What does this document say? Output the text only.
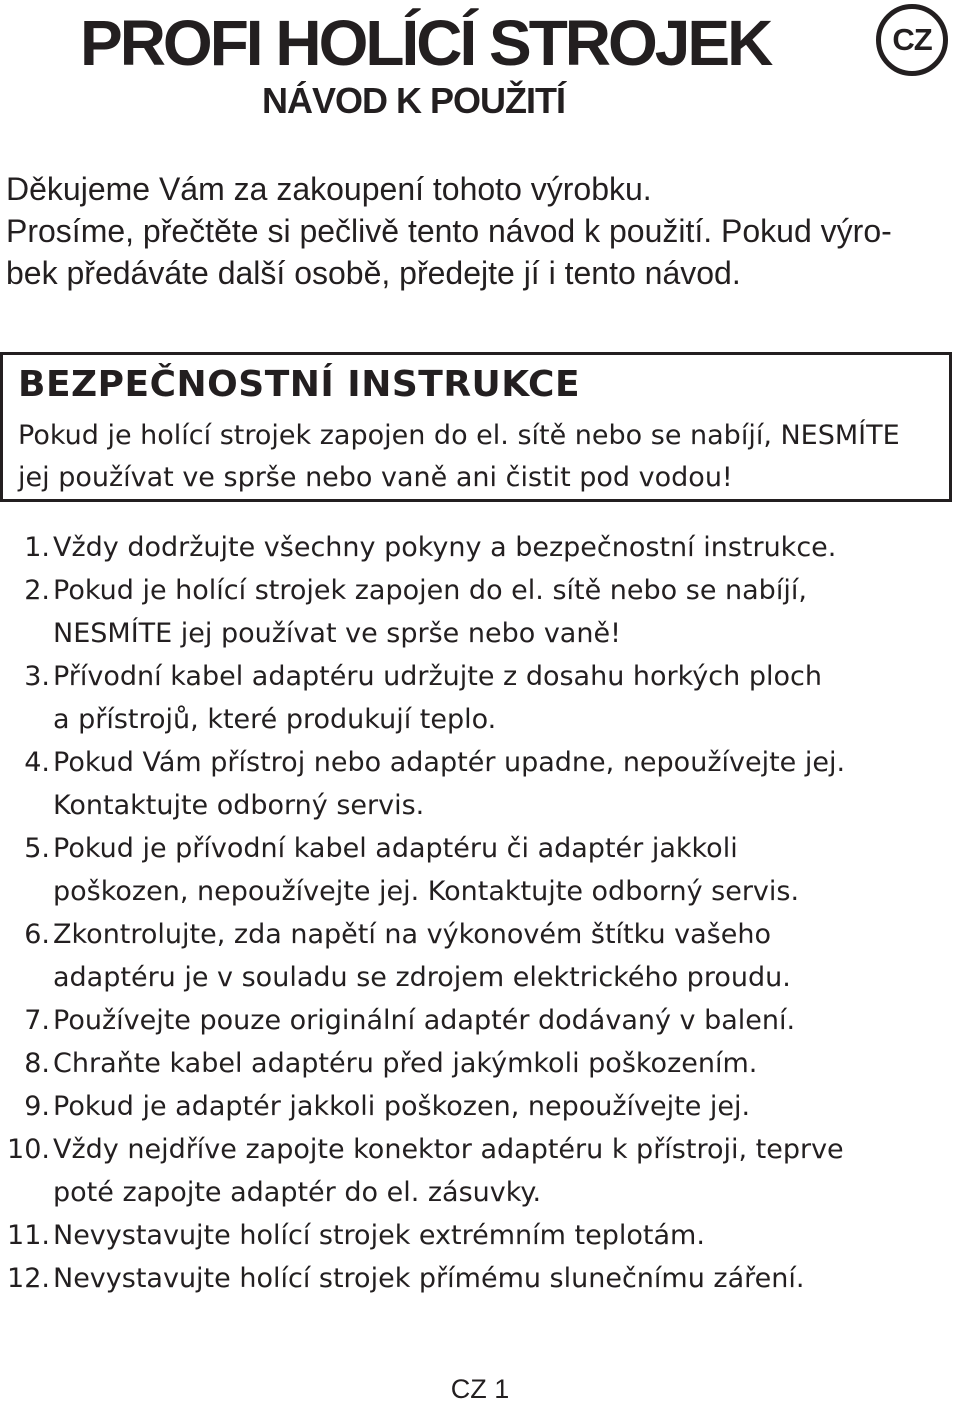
PROFI HOLÍCÍ STROJEK
NÁVOD K POUŽITÍ
CZ

Děkujeme Vám za zakoupení tohoto výrobku.

Prosíme, přečtěte si pečlivě tento návod k použití. Pokud výro-

bek předáváte další osobě, předejte jí i tento návod.

BEZPEČNOSTNÍ INSTRUKCE

Pokud je holící strojek zapojen do el. sítě nebo se nabíjí, NESMÍTE

jej používat ve sprše nebo vaně ani čistit pod vodou!

1. Vždy dodržujte všechny pokyny a bezpečnostní instrukce.
2. Pokud je holící strojek zapojen do el. sítě nebo se nabíjí,
NESMÍTE jej používat ve sprše nebo vaně!
3. Přívodní kabel adaptéru udržujte z dosahu horkých ploch
a přístrojů, které produkují teplo.
4. Pokud Vám přístroj nebo adaptér upadne, nepoužívejte jej.
Kontaktujte odborný servis.
5. Pokud je přívodní kabel adaptéru či adaptér jakkoli
poškozen, nepoužívejte jej. Kontaktujte odborný servis.
6. Zkontrolujte, zda napětí na výkonovém štítku vašeho
adaptéru je v souladu se zdrojem elektrického proudu.
7. Používejte pouze originální adaptér dodávaný v balení.
8. Chraňte kabel adaptéru před jakýmkoli poškozením.
9. Pokud je adaptér jakkoli poškozen, nepoužívejte jej.
10. Vždy nejdříve zapojte konektor adaptéru k přístroji, teprve
poté zapojte adaptér do el. zásuvky.
11. Nevystavujte holící strojek extrémním teplotám.
12. Nevystavujte holící strojek přímému slunečnímu záření.
CZ 1
